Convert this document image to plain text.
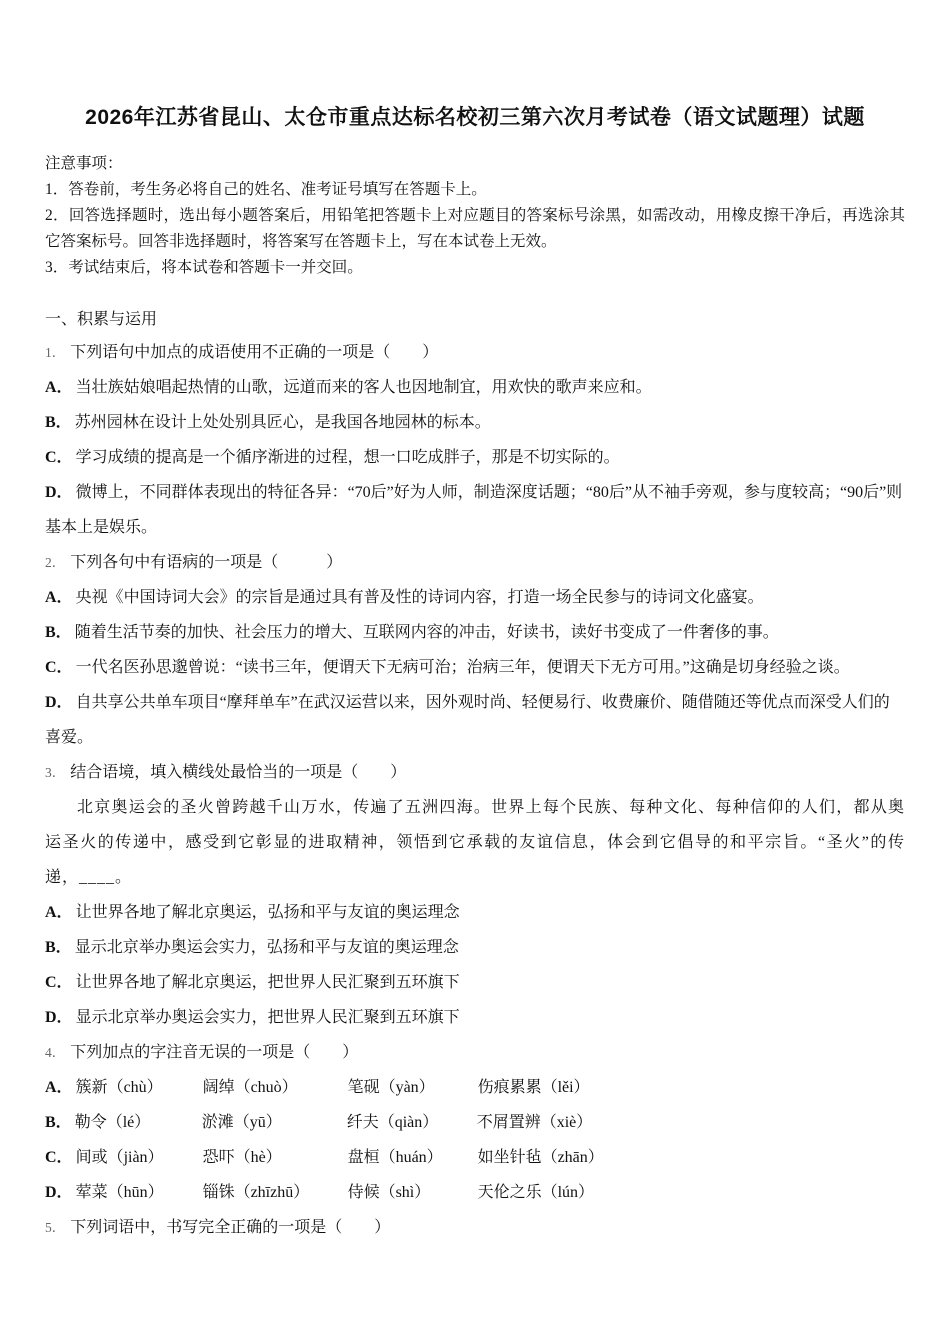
2026年江苏省昆山、太仓市重点达标名校初三第六次月考试卷（语文试题理）试题
注意事项：
1．答卷前，考生务必将自己的姓名、准考证号填写在答题卡上。
2．回答选择题时，选出每小题答案后，用铅笔把答题卡上对应题目的答案标号涂黑，如需改动，用橡皮擦干净后，再选涂其它答案标号。回答非选择题时，将答案写在答题卡上，写在本试卷上无效。
3．考试结束后，将本试卷和答题卡一并交回。
一、积累与运用
1． 下列语句中加点的成语使用不正确的一项是（　　）
A． 当壮族姑娘唱起热情的山歌，远道而来的客人也因地制宜，用欢快的歌声来应和。
B． 苏州园林在设计上处处别具匠心，是我国各地园林的标本。
C． 学习成绩的提高是一个循序渐进的过程，想一口吃成胖子，那是不切实际的。
D． 微博上，不同群体表现出的特征各异：“70后”好为人师，制造深度话题；“80后”从不袖手旁观，参与度较高；“90后”则基本上是娱乐。
2． 下列各句中有语病的一项是（　　　）
A． 央视《中国诗词大会》的宗旨是通过具有普及性的诗词内容，打造一场全民参与的诗词文化盛宴。
B． 随着生活节奏的加快、社会压力的增大、互联网内容的冲击，好读书，读好书变成了一件奢侈的事。
C． 一代名医孙思邈曾说：“读书三年，便谓天下无病可治；治病三年，便谓天下无方可用。”这确是切身经验之谈。
D． 自共享公共单车项目“摩拜单车”在武汉运营以来，因外观时尚、轻便易行、收费廉价、随借随还等优点而深受人们的喜爱。
3． 结合语境，填入横线处最恰当的一项是（　　）
北京奥运会的圣火曾跨越千山万水，传遍了五洲四海。世界上每个民族、每种文化、每种信仰的人们，都从奥运圣火的传递中，感受到它彰显的进取精神，领悟到它承载的友谊信息，体会到它倡导的和平宗旨。“圣火”的传递，____。
A． 让世界各地了解北京奥运，弘扬和平与友谊的奥运理念
B． 显示北京举办奥运会实力，弘扬和平与友谊的奥运理念
C． 让世界各地了解北京奥运，把世界人民汇聚到五环旗下
D． 显示北京举办奥运会实力，把世界人民汇聚到五环旗下
4． 下列加点的字注音无误的一项是（　　）
A． 簇新（chù）	阔绰（chuò）	笔砚（yàn）	伤痕累累（lěi）
B． 勒令（lé）	淤滩（yū）	纤夫（qiàn）	不屑置辨（xiè）
C． 间或（jiàn）	恐吓（hè）	盘桓（huán）	如坐针毡（zhān）
D． 荤菜（hūn）	锱铢（zhīzhū）	侍候（shì）	天伦之乐（lún）
5． 下列词语中，书写完全正确的一项是（　　）
